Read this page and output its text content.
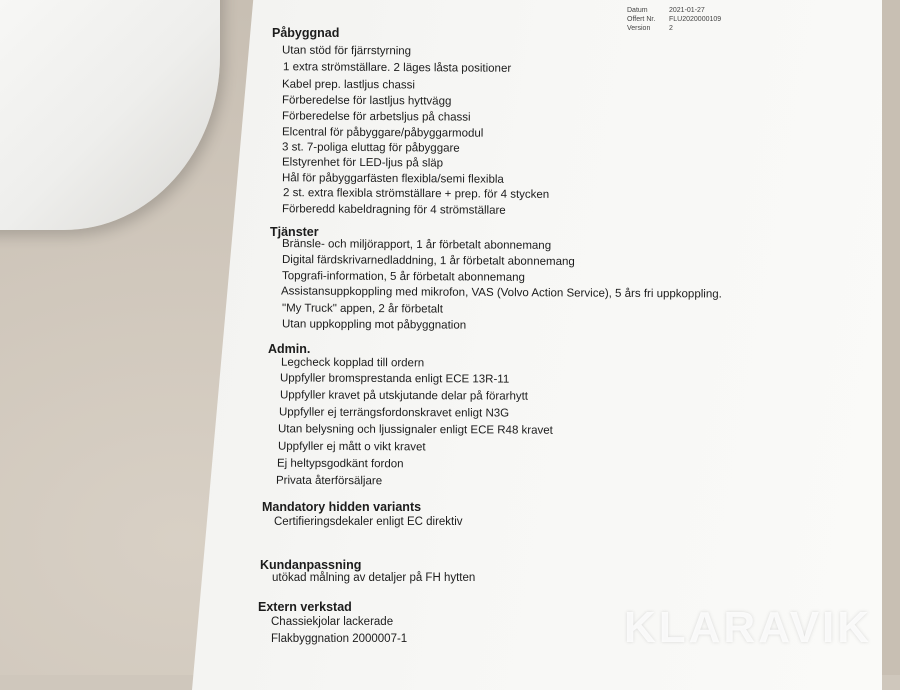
Datum	2021-01-27
Offert Nr.	FLU2020000109
Version	2
Påbyggnad
Utan stöd för fjärrstyrning
1 extra strömställare. 2 läges låsta positioner
Kabel prep. lastljus chassi
Förberedelse för lastljus hyttvägg
Förberedelse för arbetsljus på chassi
Elcentral för påbyggare/påbyggarmodul
3 st. 7-poliga eluttag för påbyggare
Elstyrenhet för LED-ljus på släp
Hål för påbyggarfästen flexibla/semi flexibla
2 st. extra flexibla strömställare + prep. för 4 stycken
Förberedd kabeldragning för 4 strömställare
Tjänster
Bränsle- och miljörapport, 1 år förbetalt abonnemang
Digital färdskrivarnedladdning, 1 år förbetalt abonnemang
Topgrafi-information, 5 år förbetalt abonnemang
Assistansuppkoppling med mikrofon, VAS (Volvo Action Service), 5 års fri uppkoppling.
"My Truck" appen, 2 år förbetalt
Utan uppkoppling mot påbyggnation
Admin.
Legcheck kopplad till ordern
Uppfyller bromsprestanda enligt ECE 13R-11
Uppfyller kravet på utskjutande delar på förarhytt
Uppfyller ej terrängsfordonskravet enligt N3G
Utan belysning och ljussignaler enligt ECE R48 kravet
Uppfyller ej mått o vikt kravet
Ej heltypsgodkänt fordon
Privata återförsäljare
Mandatory hidden variants
Certifieringsdekaler enligt EC direktiv
Kundanpassning
utökad målning av detaljer på FH hytten
Extern verkstad
Chassiekjolar lackerade
Flakbyggnation 2000007-1	KLARAVIK
